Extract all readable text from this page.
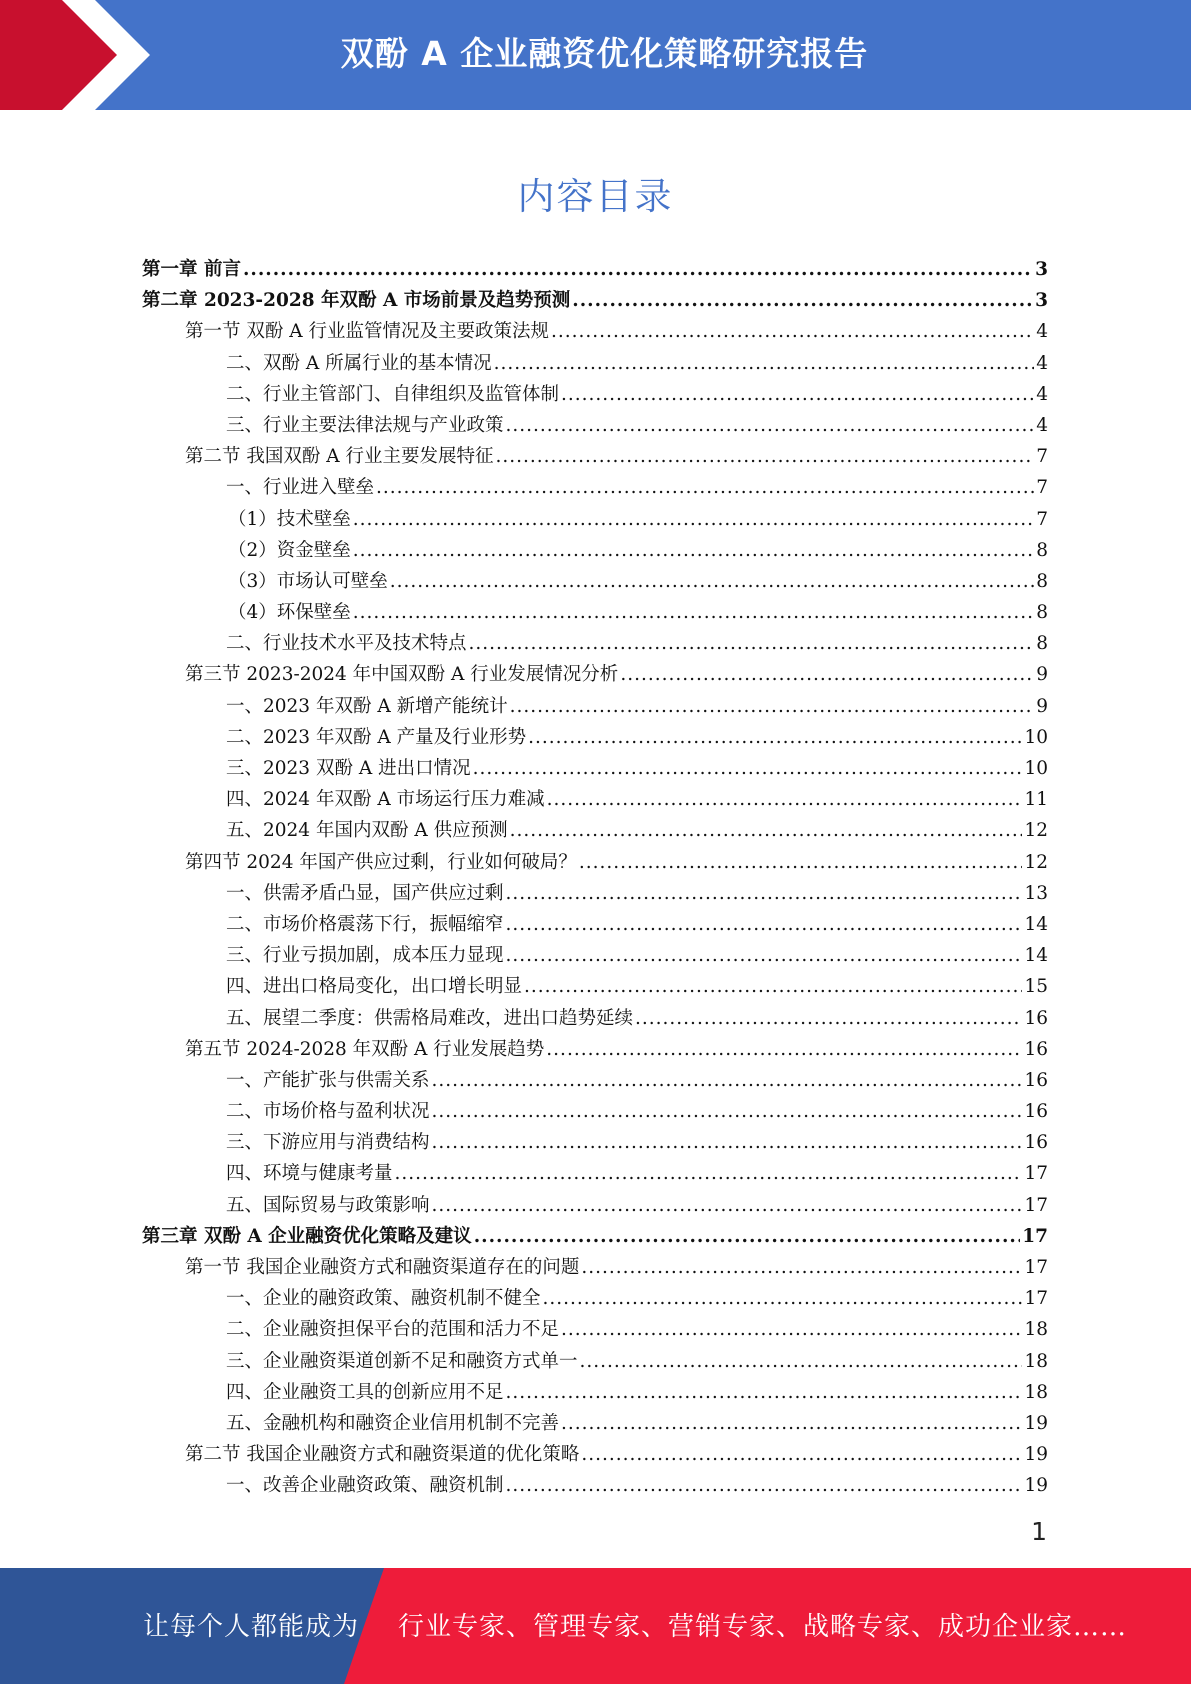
双酚 A 企业融资优化策略研究报告
内容目录
第一章 前言 .....	3
第二章 2023-2028 年双酚 A 市场前景及趋势预测 .....	3
第一节 双酚 A 行业监管情况及主要政策法规 .....	4
二、双酚 A 所属行业的基本情况 .....	4
二、行业主管部门、自律组织及监管体制 .....	4
三、行业主要法律法规与产业政策 .....	4
第二节 我国双酚 A 行业主要发展特征 .....	7
一、行业进入壁垒 .....	7
（1）技术壁垒 .....	7
（2）资金壁垒 .....	8
（3）市场认可壁垒 .....	8
（4）环保壁垒 .....	8
二、行业技术水平及技术特点 .....	8
第三节 2023-2024 年中国双酚 A 行业发展情况分析 .....	9
一、2023 年双酚 A 新增产能统计 .....	9
二、2023 年双酚 A 产量及行业形势 .....	10
三、2023 双酚 A 进出口情况 .....	10
四、2024 年双酚 A 市场运行压力难减 .....	11
五、2024 年国内双酚 A 供应预测 .....	12
第四节 2024 年国产供应过剩，行业如何破局？ .....	12
一、供需矛盾凸显，国产供应过剩 .....	13
二、市场价格震荡下行，振幅缩窄 .....	14
三、行业亏损加剧，成本压力显现 .....	14
四、进出口格局变化，出口增长明显 .....	15
五、展望二季度：供需格局难改，进出口趋势延续 .....	16
第五节 2024-2028 年双酚 A 行业发展趋势 .....	16
一、产能扩张与供需关系 .....	16
二、市场价格与盈利状况 .....	16
三、下游应用与消费结构 .....	16
四、环境与健康考量 .....	17
五、国际贸易与政策影响 .....	17
第三章 双酚 A 企业融资优化策略及建议 .....	17
第一节 我国企业融资方式和融资渠道存在的问题 .....	17
一、企业的融资政策、融资机制不健全 .....	17
二、企业融资担保平台的范围和活力不足 .....	18
三、企业融资渠道创新不足和融资方式单一 .....	18
四、企业融资工具的创新应用不足 .....	18
五、金融机构和融资企业信用机制不完善 .....	19
第二节 我国企业融资方式和融资渠道的优化策略 .....	19
一、改善企业融资政策、融资机制 .....	19
1
让每个人都能成为 行业专家、管理专家、营销专家、战略专家、成功企业家……
